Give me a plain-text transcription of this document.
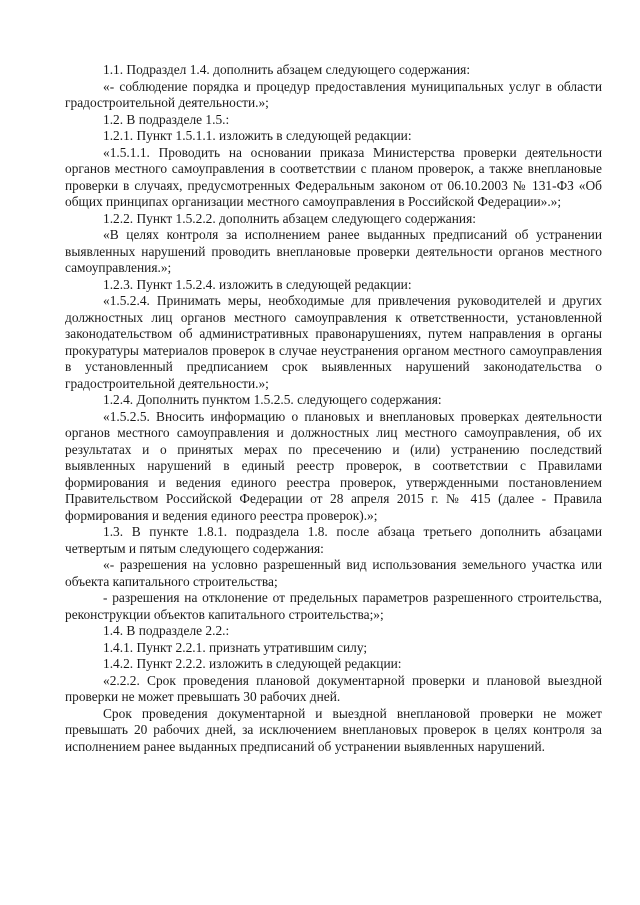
1.1. Подраздел 1.4. дополнить абзацем следующего содержания:

«- соблюдение порядка и процедур предоставления муниципальных услуг в области градостроительной деятельности.»;

1.2. В подразделе 1.5.:

1.2.1. Пункт 1.5.1.1. изложить в следующей редакции:

«1.5.1.1. Проводить на основании приказа Министерства проверки деятельности органов местного самоуправления в соответствии с планом проверок, а также внеплановые проверки в случаях, предусмотренных Федеральным законом от 06.10.2003 № 131-ФЗ «Об общих принципах организации местного самоуправления в Российской Федерации».»;

1.2.2. Пункт 1.5.2.2. дополнить абзацем следующего содержания:

«В целях контроля за исполнением ранее выданных предписаний об устранении выявленных нарушений проводить внеплановые проверки деятельности органов местного самоуправления.»;

1.2.3. Пункт 1.5.2.4. изложить в следующей редакции:

«1.5.2.4. Принимать меры, необходимые для привлечения руководителей и других должностных лиц органов местного самоуправления к ответственности, установленной законодательством об административных правонарушениях, путем направления в органы прокуратуры материалов проверок в случае неустранения органом местного самоуправления в установленный предписанием срок выявленных нарушений законодательства о градостроительной деятельности.»;

1.2.4. Дополнить пунктом 1.5.2.5. следующего содержания:

«1.5.2.5. Вносить информацию о плановых и внеплановых проверках деятельности органов местного самоуправления и должностных лиц местного самоуправления, об их результатах и о принятых мерах по пресечению и (или) устранению последствий выявленных нарушений в единый реестр проверок, в соответствии с Правилами формирования и ведения единого реестра проверок, утвержденными постановлением Правительством Российской Федерации от 28 апреля 2015 г. № 415 (далее - Правила формирования и ведения единого реестра проверок).»;

1.3. В пункте 1.8.1. подраздела 1.8. после абзаца третьего дополнить абзацами четвертым и пятым следующего содержания:

«- разрешения на условно разрешенный вид использования земельного участка или объекта капитального строительства;

- разрешения на отклонение от предельных параметров разрешенного строительства, реконструкции объектов капитального строительства;»;

1.4. В подразделе 2.2.:

1.4.1. Пункт 2.2.1. признать утратившим силу;

1.4.2. Пункт 2.2.2. изложить в следующей редакции:

«2.2.2. Срок проведения плановой документарной проверки и плановой выездной проверки не может превышать 30 рабочих дней.

Срок проведения документарной и выездной внеплановой проверки не может превышать 20 рабочих дней, за исключением внеплановых проверок в целях контроля за исполнением ранее выданных предписаний об устранении выявленных нарушений.
